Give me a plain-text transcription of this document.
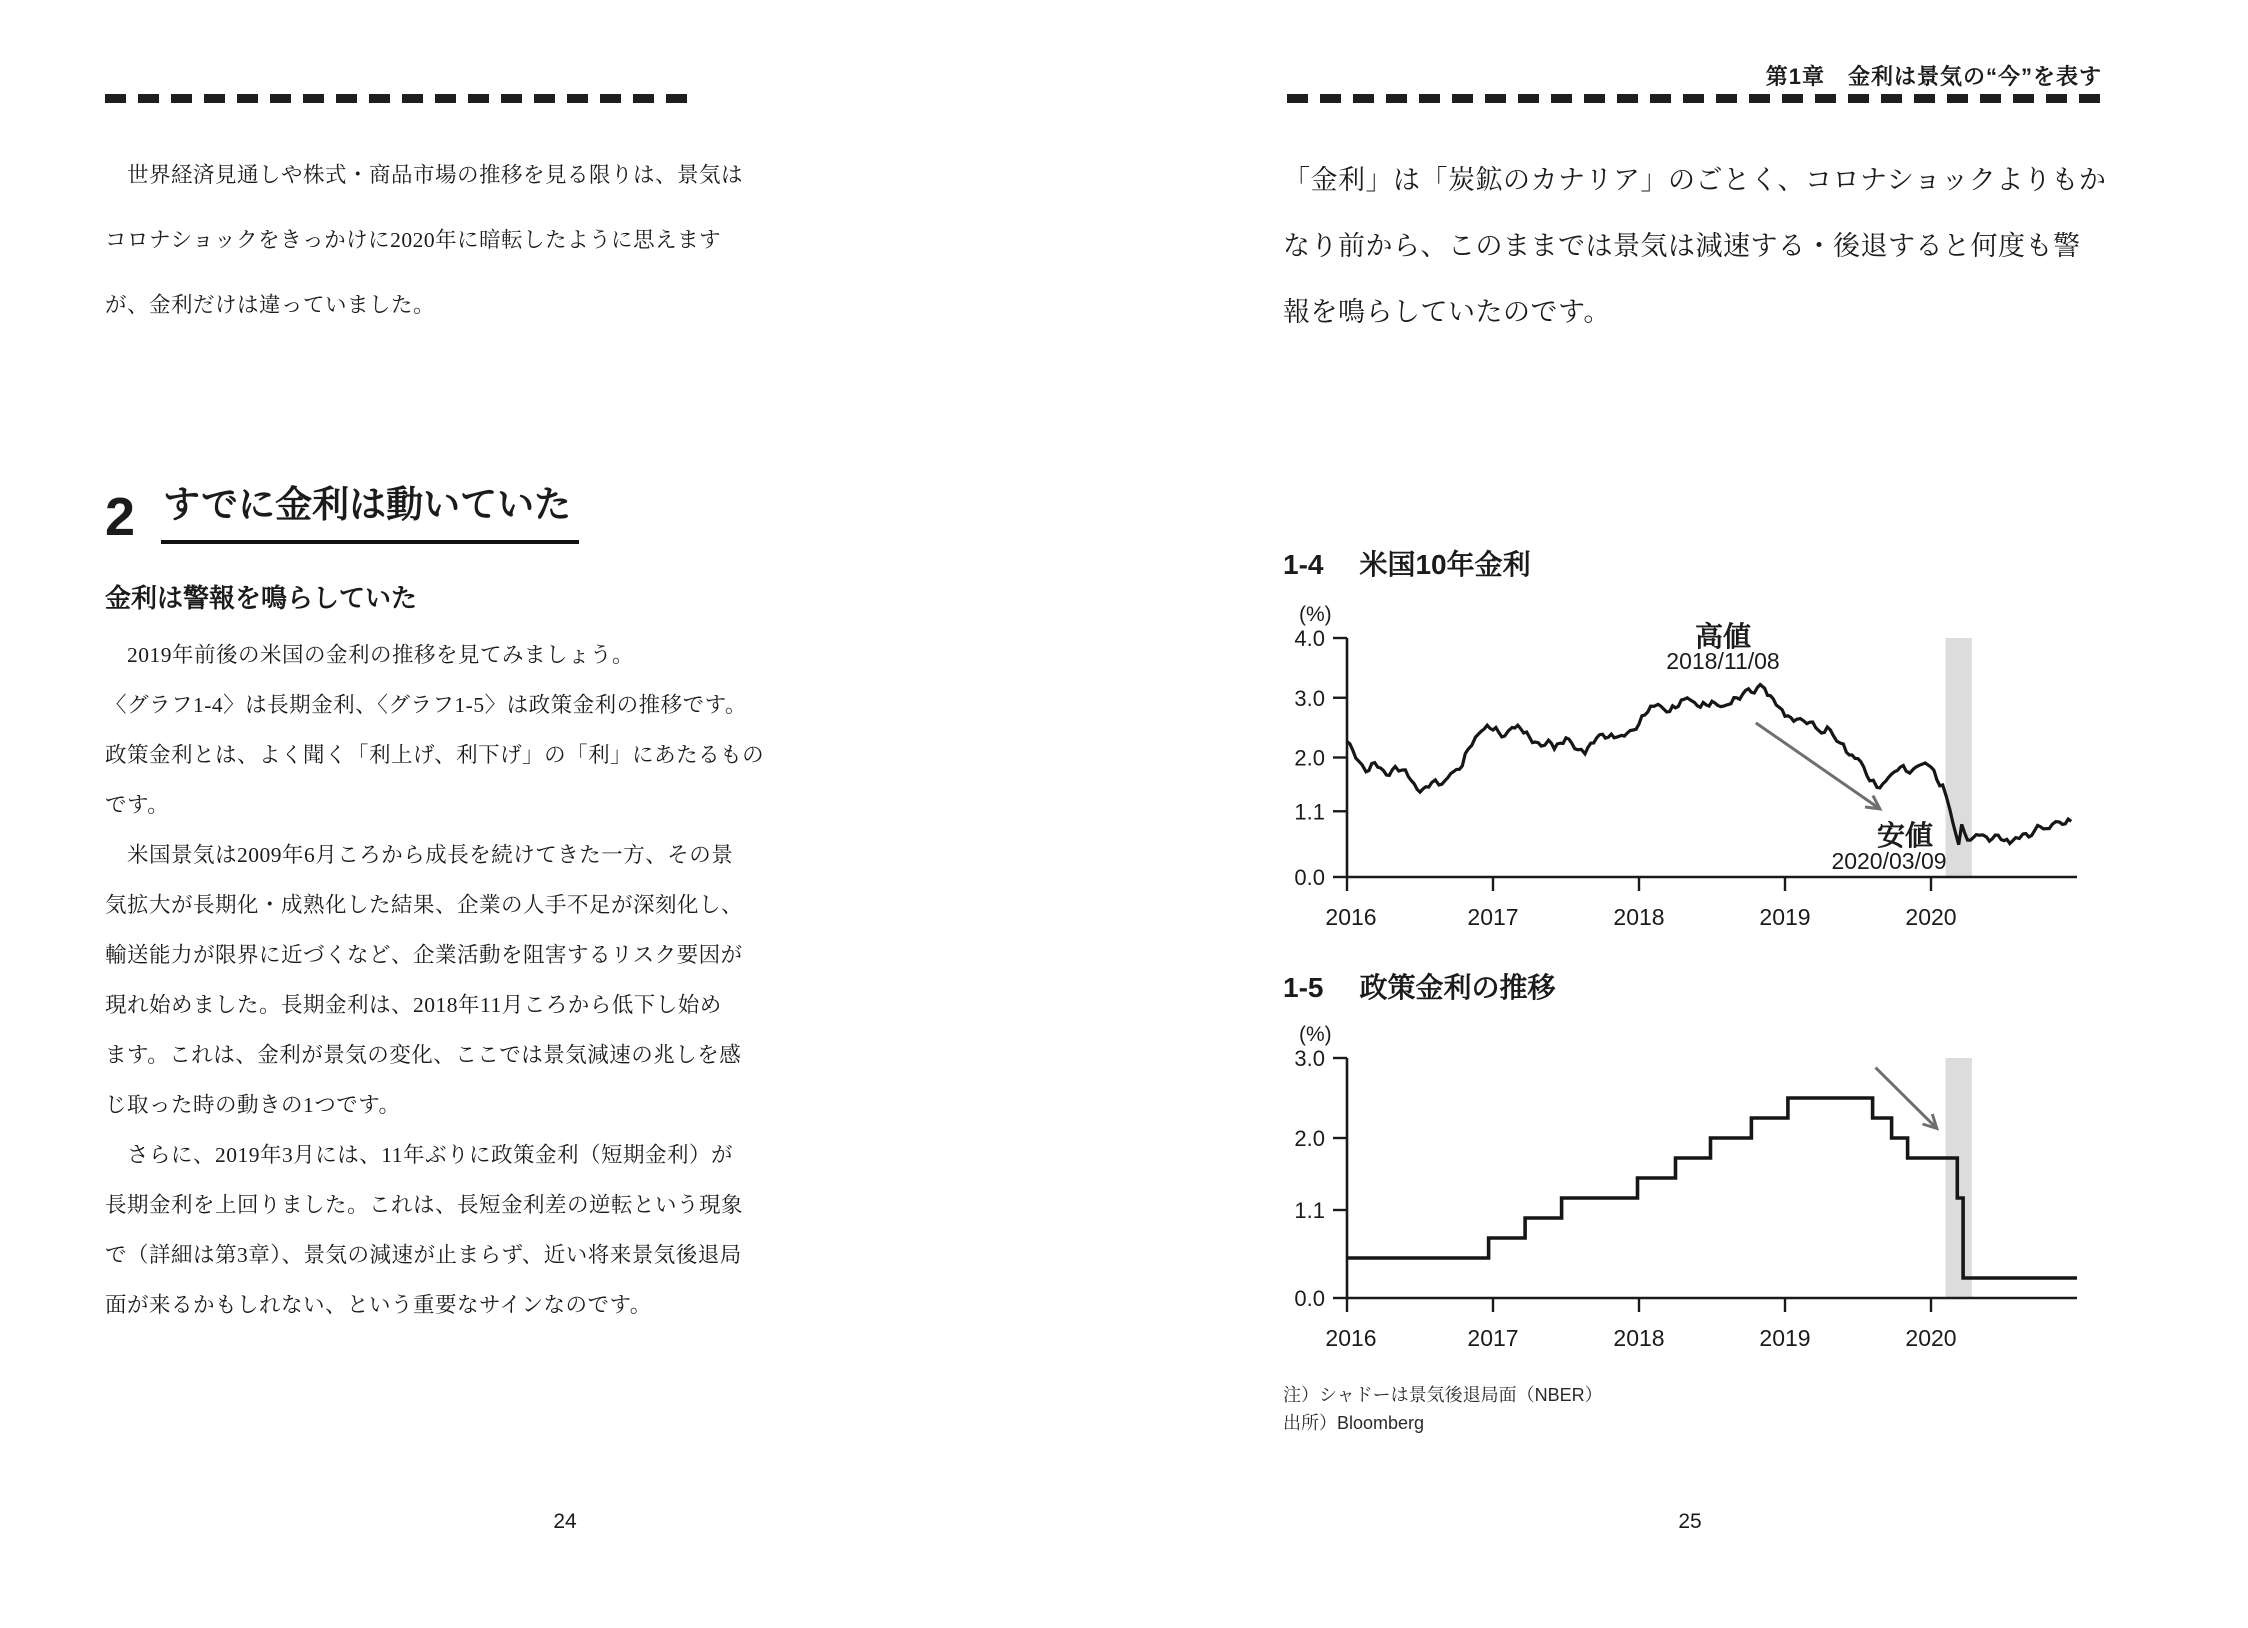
第1章　金利は景気の“今”を表す
　世界経済見通しや株式・商品市場の推移を見る限りは、景気は
コロナショックをきっかけに2020年に暗転したように思えます
が、金利だけは違っていました。
2 すでに金利は動いていた
金利は警報を鳴らしていた
　2019年前後の米国の金利の推移を見てみましょう。
〈グラフ1-4〉は長期金利、〈グラフ1-5〉は政策金利の推移です。
政策金利とは、よく聞く「利上げ、利下げ」の「利」にあたるもの
です。
　米国景気は2009年6月ころから成長を続けてきた一方、その景
気拡大が長期化・成熟化した結果、企業の人手不足が深刻化し、
輸送能力が限界に近づくなど、企業活動を阻害するリスク要因が
現れ始めました。長期金利は、2018年11月ころから低下し始め
ます。これは、金利が景気の変化、ここでは景気減速の兆しを感
じ取った時の動きの1つです。
　さらに、2019年3月には、11年ぶりに政策金利（短期金利）が
長期金利を上回りました。これは、長短金利差の逆転という現象
で（詳細は第3章）、景気の減速が止まらず、近い将来景気後退局
面が来るかもしれない、という重要なサインなのです。
24
「金利」は「炭鉱のカナリア」のごとく、コロナショックよりもか
なり前から、このままでは景気は減速する・後退すると何度も警
報を鳴らしていたのです。
1-4 米国10年金利
4.0
3.0
2.0
1.1
0.0
2016	2017	2018	2019	2020
(%)
高値
2018/11/08
安値
2020/03/09
1-5 政策金利の推移
3.0
2.0
1.1
0.0
2016	2017	2018	2019	2020
(%)
注）シャドーは景気後退局面（NBER）
出所）Bloomberg
25
